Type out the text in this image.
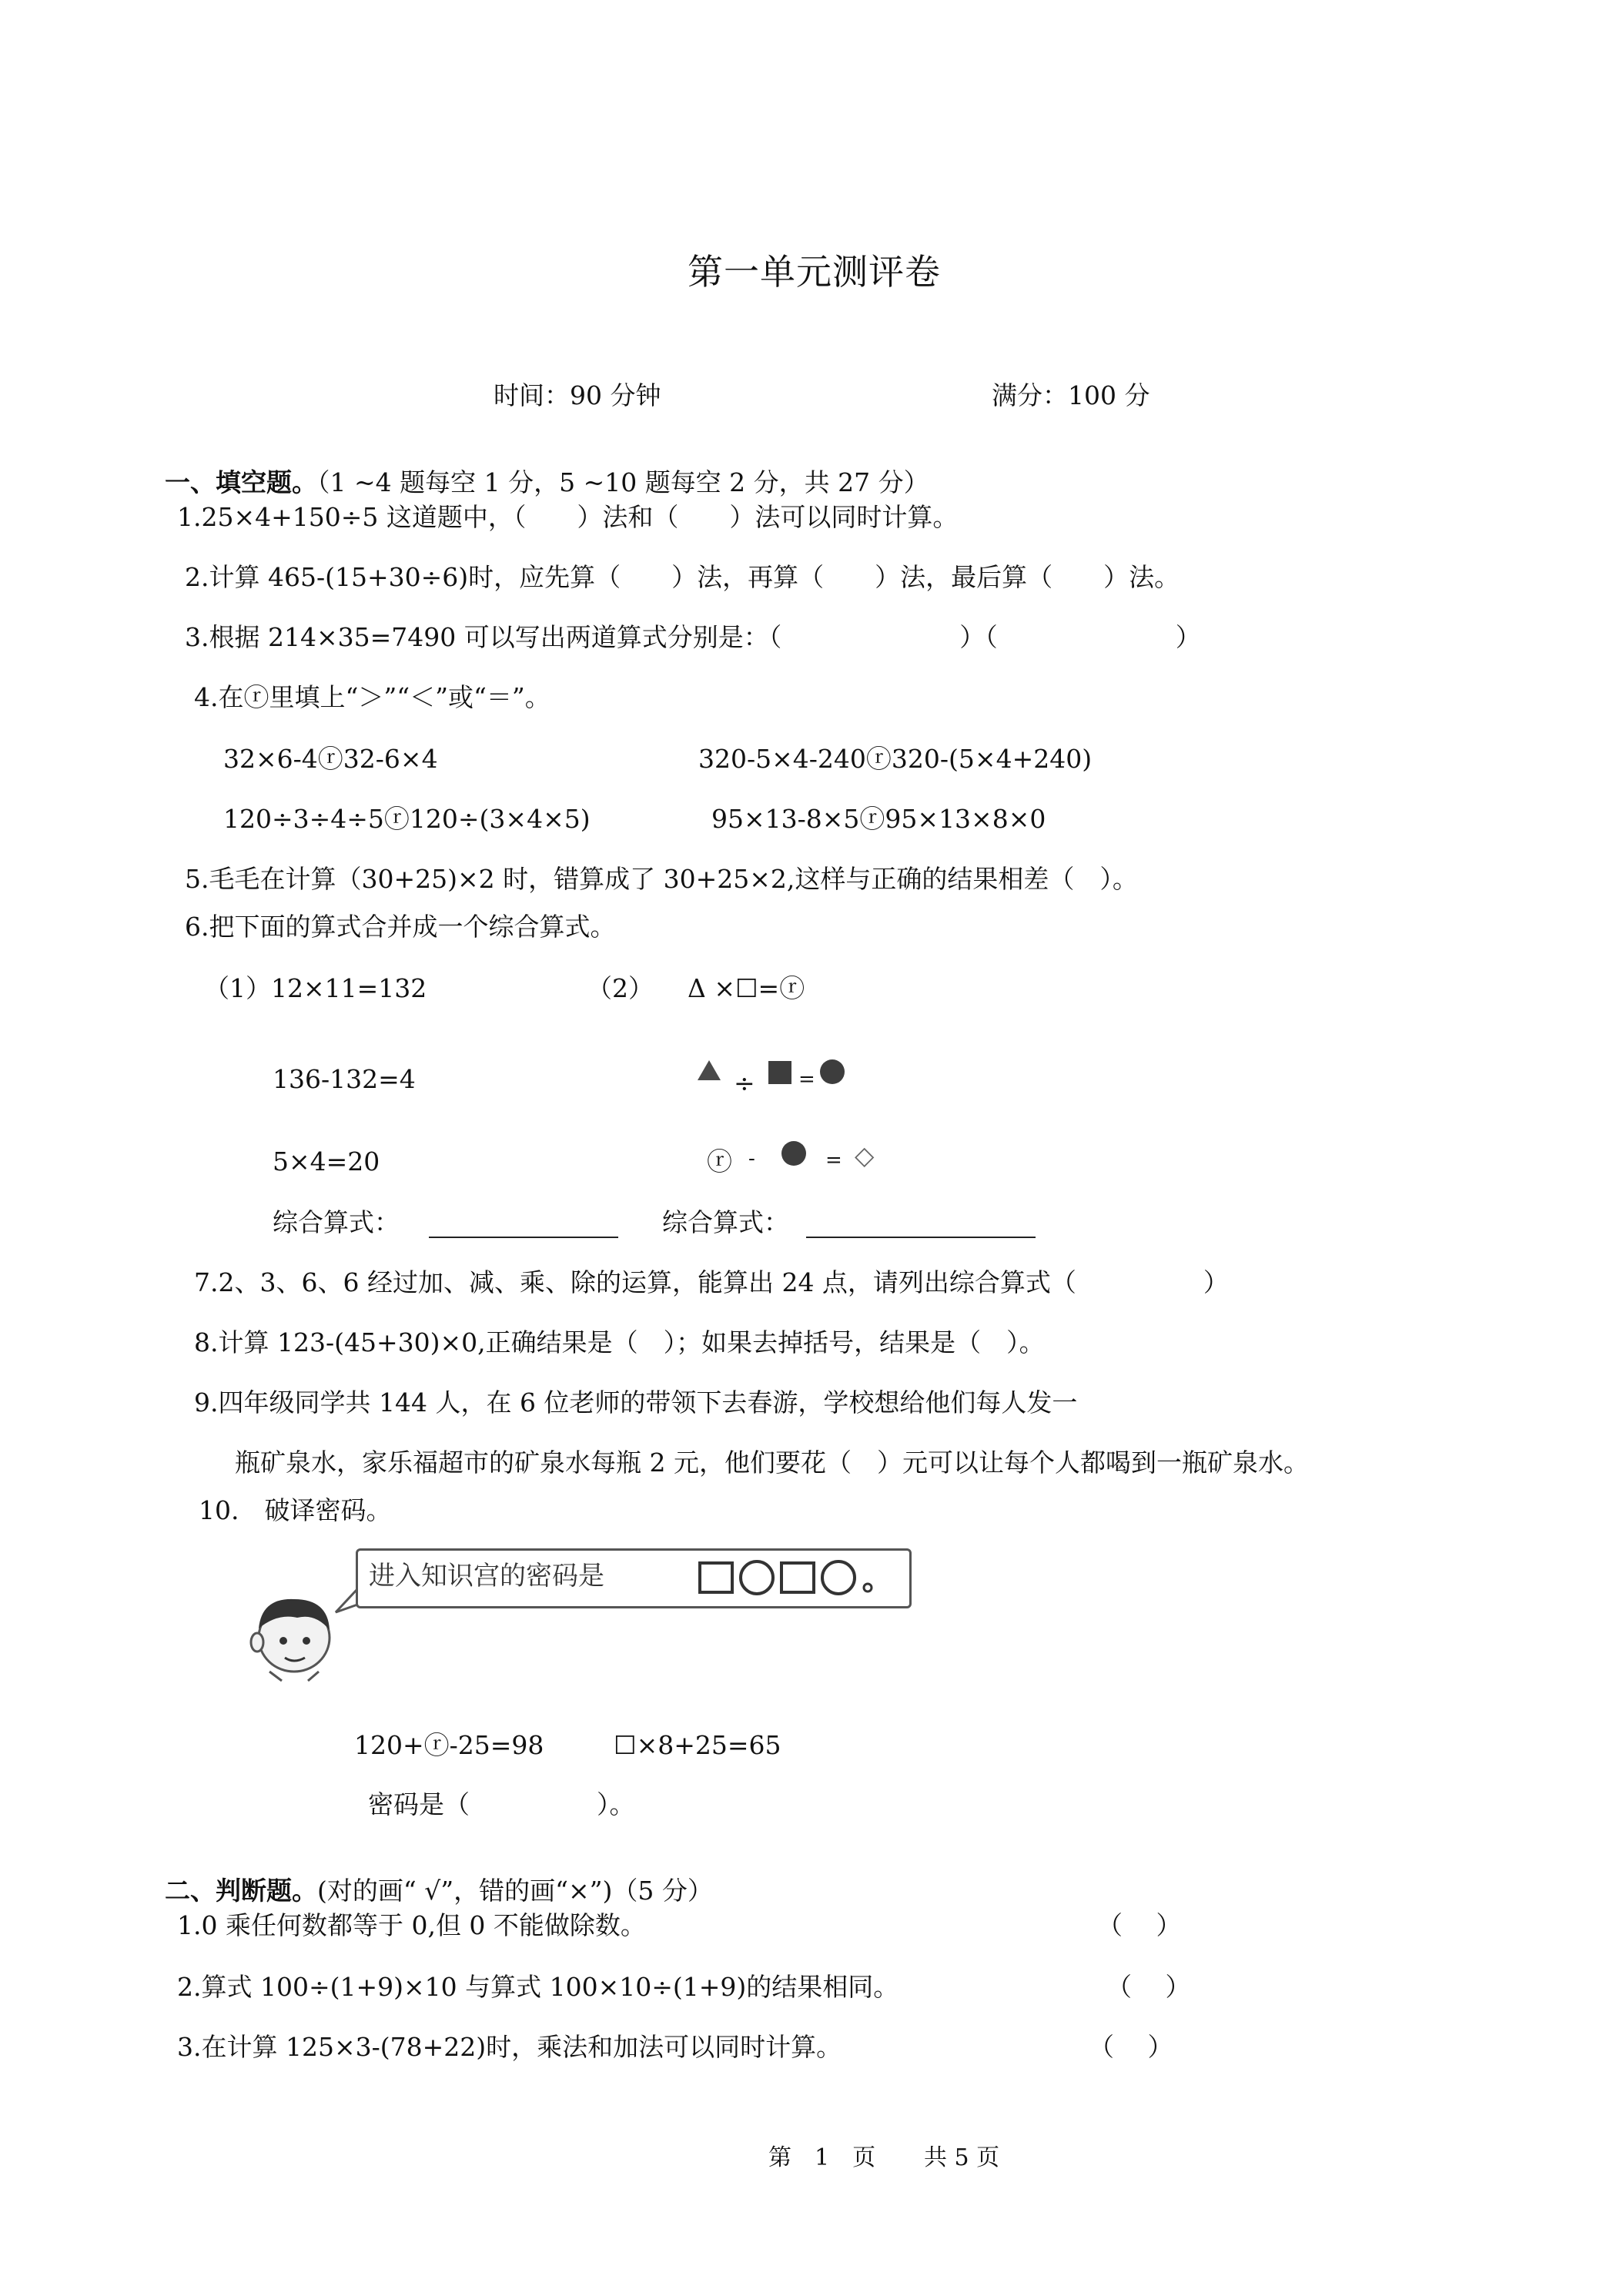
第一单元测评卷
时间：90 分钟	满分：100 分

一、填空题。（1 ~4 题每空 1 分，5 ~10 题每空 2 分，共 27 分）

1.25×4+150÷5 这道题中，（　　）法和（　　）法可以同时计算。
2.计算 465-(15+30÷6)时，应先算（　　）法，再算（　　）法，最后算（　　）法。
3.根据 214×35=7490 可以写出两道算式分别是：（　　　　　　　）（　　　　　　　）
4.在ⓡ里填上“＞”“＜”或“＝”。
32×6-4ⓡ32-6×4	320-5×4-240ⓡ320-(5×4+240)
120÷3÷4÷5ⓡ120÷(3×4×5)	95×13-8×5ⓡ95×13×8×0
5.毛毛在计算（30+25)×2 时，错算成了 30+25×2,这样与正确的结果相差（　）。
6.把下面的算式合并成一个综合算式。
（1）12×11=132	（2） Δ ×☐=ⓡ
136-132=4	÷ =
5×4=20	ⓡ -	= ◇
综合算式：	综合算式：
7.2、3、6、6 经过加、减、乘、除的运算，能算出 24 点，请列出综合算式（　　　　　）
8.计算 123-(45+30)×0,正确结果是（　）；如果去掉括号，结果是（　）。
9.四年级同学共 144 人，在 6 位老师的带领下去春游，学校想给他们每人发一
瓶矿泉水，家乐福超市的矿泉水每瓶 2 元，他们要花（　）元可以让每个人都喝到一瓶矿泉水。
10.　破译密码。
进入知识宫的密码是
120+ⓡ-25=98	☐×8+25=65
密码是（　　　　　）。

二、判断题。(对的画“ √”，错的画“×”)（5 分）

1.0 乘任何数都等于 0,但 0 不能做除数。	（　 ）
2.算式 100÷(1+9)×10 与算式 100×10÷(1+9)的结果相同。	（　 ）
3.在计算 125×3-(78+22)时，乘法和加法可以同时计算。	（　 ）
第　1　页 共 5 页
